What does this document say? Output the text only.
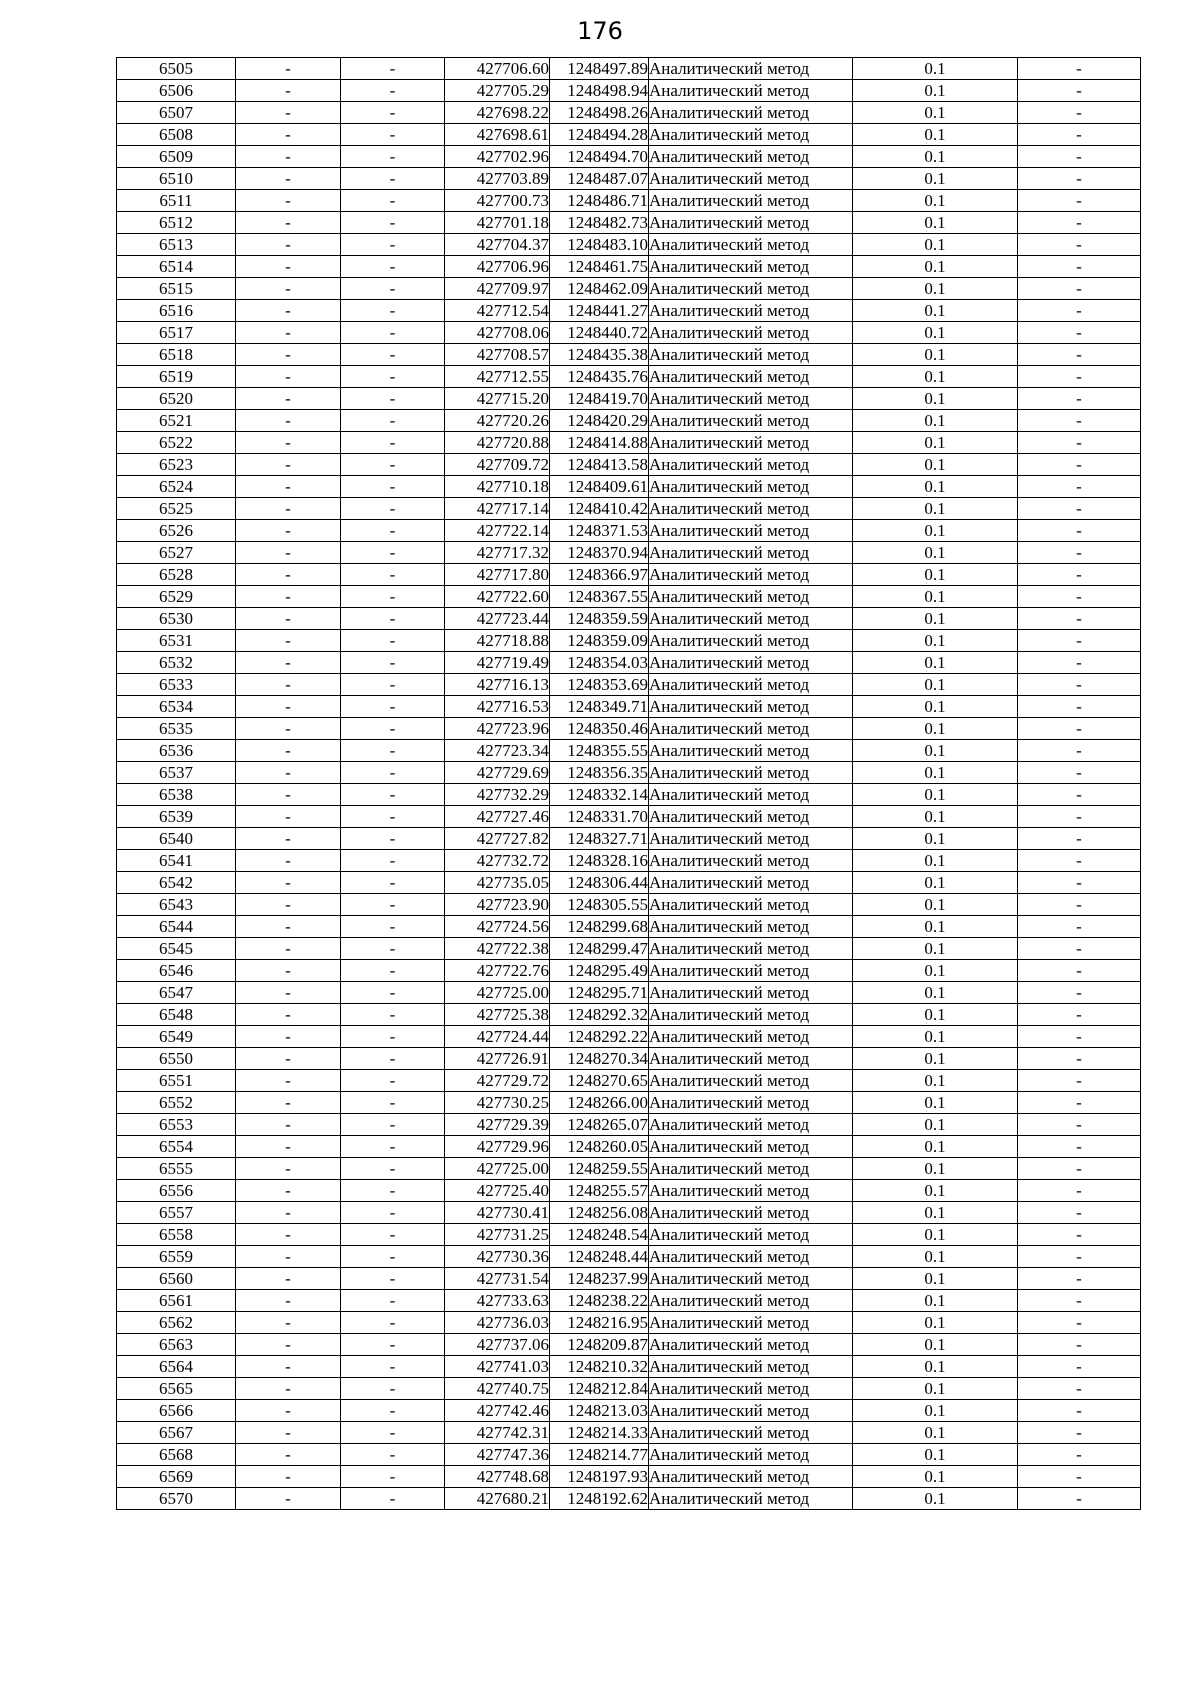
176
6505	-	-	427706.60	1248497.89	Аналитический метод	0.1	-
6506	-	-	427705.29	1248498.94	Аналитический метод	0.1	-
6507	-	-	427698.22	1248498.26	Аналитический метод	0.1	-
6508	-	-	427698.61	1248494.28	Аналитический метод	0.1	-
6509	-	-	427702.96	1248494.70	Аналитический метод	0.1	-
6510	-	-	427703.89	1248487.07	Аналитический метод	0.1	-
6511	-	-	427700.73	1248486.71	Аналитический метод	0.1	-
6512	-	-	427701.18	1248482.73	Аналитический метод	0.1	-
6513	-	-	427704.37	1248483.10	Аналитический метод	0.1	-
6514	-	-	427706.96	1248461.75	Аналитический метод	0.1	-
6515	-	-	427709.97	1248462.09	Аналитический метод	0.1	-
6516	-	-	427712.54	1248441.27	Аналитический метод	0.1	-
6517	-	-	427708.06	1248440.72	Аналитический метод	0.1	-
6518	-	-	427708.57	1248435.38	Аналитический метод	0.1	-
6519	-	-	427712.55	1248435.76	Аналитический метод	0.1	-
6520	-	-	427715.20	1248419.70	Аналитический метод	0.1	-
6521	-	-	427720.26	1248420.29	Аналитический метод	0.1	-
6522	-	-	427720.88	1248414.88	Аналитический метод	0.1	-
6523	-	-	427709.72	1248413.58	Аналитический метод	0.1	-
6524	-	-	427710.18	1248409.61	Аналитический метод	0.1	-
6525	-	-	427717.14	1248410.42	Аналитический метод	0.1	-
6526	-	-	427722.14	1248371.53	Аналитический метод	0.1	-
6527	-	-	427717.32	1248370.94	Аналитический метод	0.1	-
6528	-	-	427717.80	1248366.97	Аналитический метод	0.1	-
6529	-	-	427722.60	1248367.55	Аналитический метод	0.1	-
6530	-	-	427723.44	1248359.59	Аналитический метод	0.1	-
6531	-	-	427718.88	1248359.09	Аналитический метод	0.1	-
6532	-	-	427719.49	1248354.03	Аналитический метод	0.1	-
6533	-	-	427716.13	1248353.69	Аналитический метод	0.1	-
6534	-	-	427716.53	1248349.71	Аналитический метод	0.1	-
6535	-	-	427723.96	1248350.46	Аналитический метод	0.1	-
6536	-	-	427723.34	1248355.55	Аналитический метод	0.1	-
6537	-	-	427729.69	1248356.35	Аналитический метод	0.1	-
6538	-	-	427732.29	1248332.14	Аналитический метод	0.1	-
6539	-	-	427727.46	1248331.70	Аналитический метод	0.1	-
6540	-	-	427727.82	1248327.71	Аналитический метод	0.1	-
6541	-	-	427732.72	1248328.16	Аналитический метод	0.1	-
6542	-	-	427735.05	1248306.44	Аналитический метод	0.1	-
6543	-	-	427723.90	1248305.55	Аналитический метод	0.1	-
6544	-	-	427724.56	1248299.68	Аналитический метод	0.1	-
6545	-	-	427722.38	1248299.47	Аналитический метод	0.1	-
6546	-	-	427722.76	1248295.49	Аналитический метод	0.1	-
6547	-	-	427725.00	1248295.71	Аналитический метод	0.1	-
6548	-	-	427725.38	1248292.32	Аналитический метод	0.1	-
6549	-	-	427724.44	1248292.22	Аналитический метод	0.1	-
6550	-	-	427726.91	1248270.34	Аналитический метод	0.1	-
6551	-	-	427729.72	1248270.65	Аналитический метод	0.1	-
6552	-	-	427730.25	1248266.00	Аналитический метод	0.1	-
6553	-	-	427729.39	1248265.07	Аналитический метод	0.1	-
6554	-	-	427729.96	1248260.05	Аналитический метод	0.1	-
6555	-	-	427725.00	1248259.55	Аналитический метод	0.1	-
6556	-	-	427725.40	1248255.57	Аналитический метод	0.1	-
6557	-	-	427730.41	1248256.08	Аналитический метод	0.1	-
6558	-	-	427731.25	1248248.54	Аналитический метод	0.1	-
6559	-	-	427730.36	1248248.44	Аналитический метод	0.1	-
6560	-	-	427731.54	1248237.99	Аналитический метод	0.1	-
6561	-	-	427733.63	1248238.22	Аналитический метод	0.1	-
6562	-	-	427736.03	1248216.95	Аналитический метод	0.1	-
6563	-	-	427737.06	1248209.87	Аналитический метод	0.1	-
6564	-	-	427741.03	1248210.32	Аналитический метод	0.1	-
6565	-	-	427740.75	1248212.84	Аналитический метод	0.1	-
6566	-	-	427742.46	1248213.03	Аналитический метод	0.1	-
6567	-	-	427742.31	1248214.33	Аналитический метод	0.1	-
6568	-	-	427747.36	1248214.77	Аналитический метод	0.1	-
6569	-	-	427748.68	1248197.93	Аналитический метод	0.1	-
6570	-	-	427680.21	1248192.62	Аналитический метод	0.1	-
